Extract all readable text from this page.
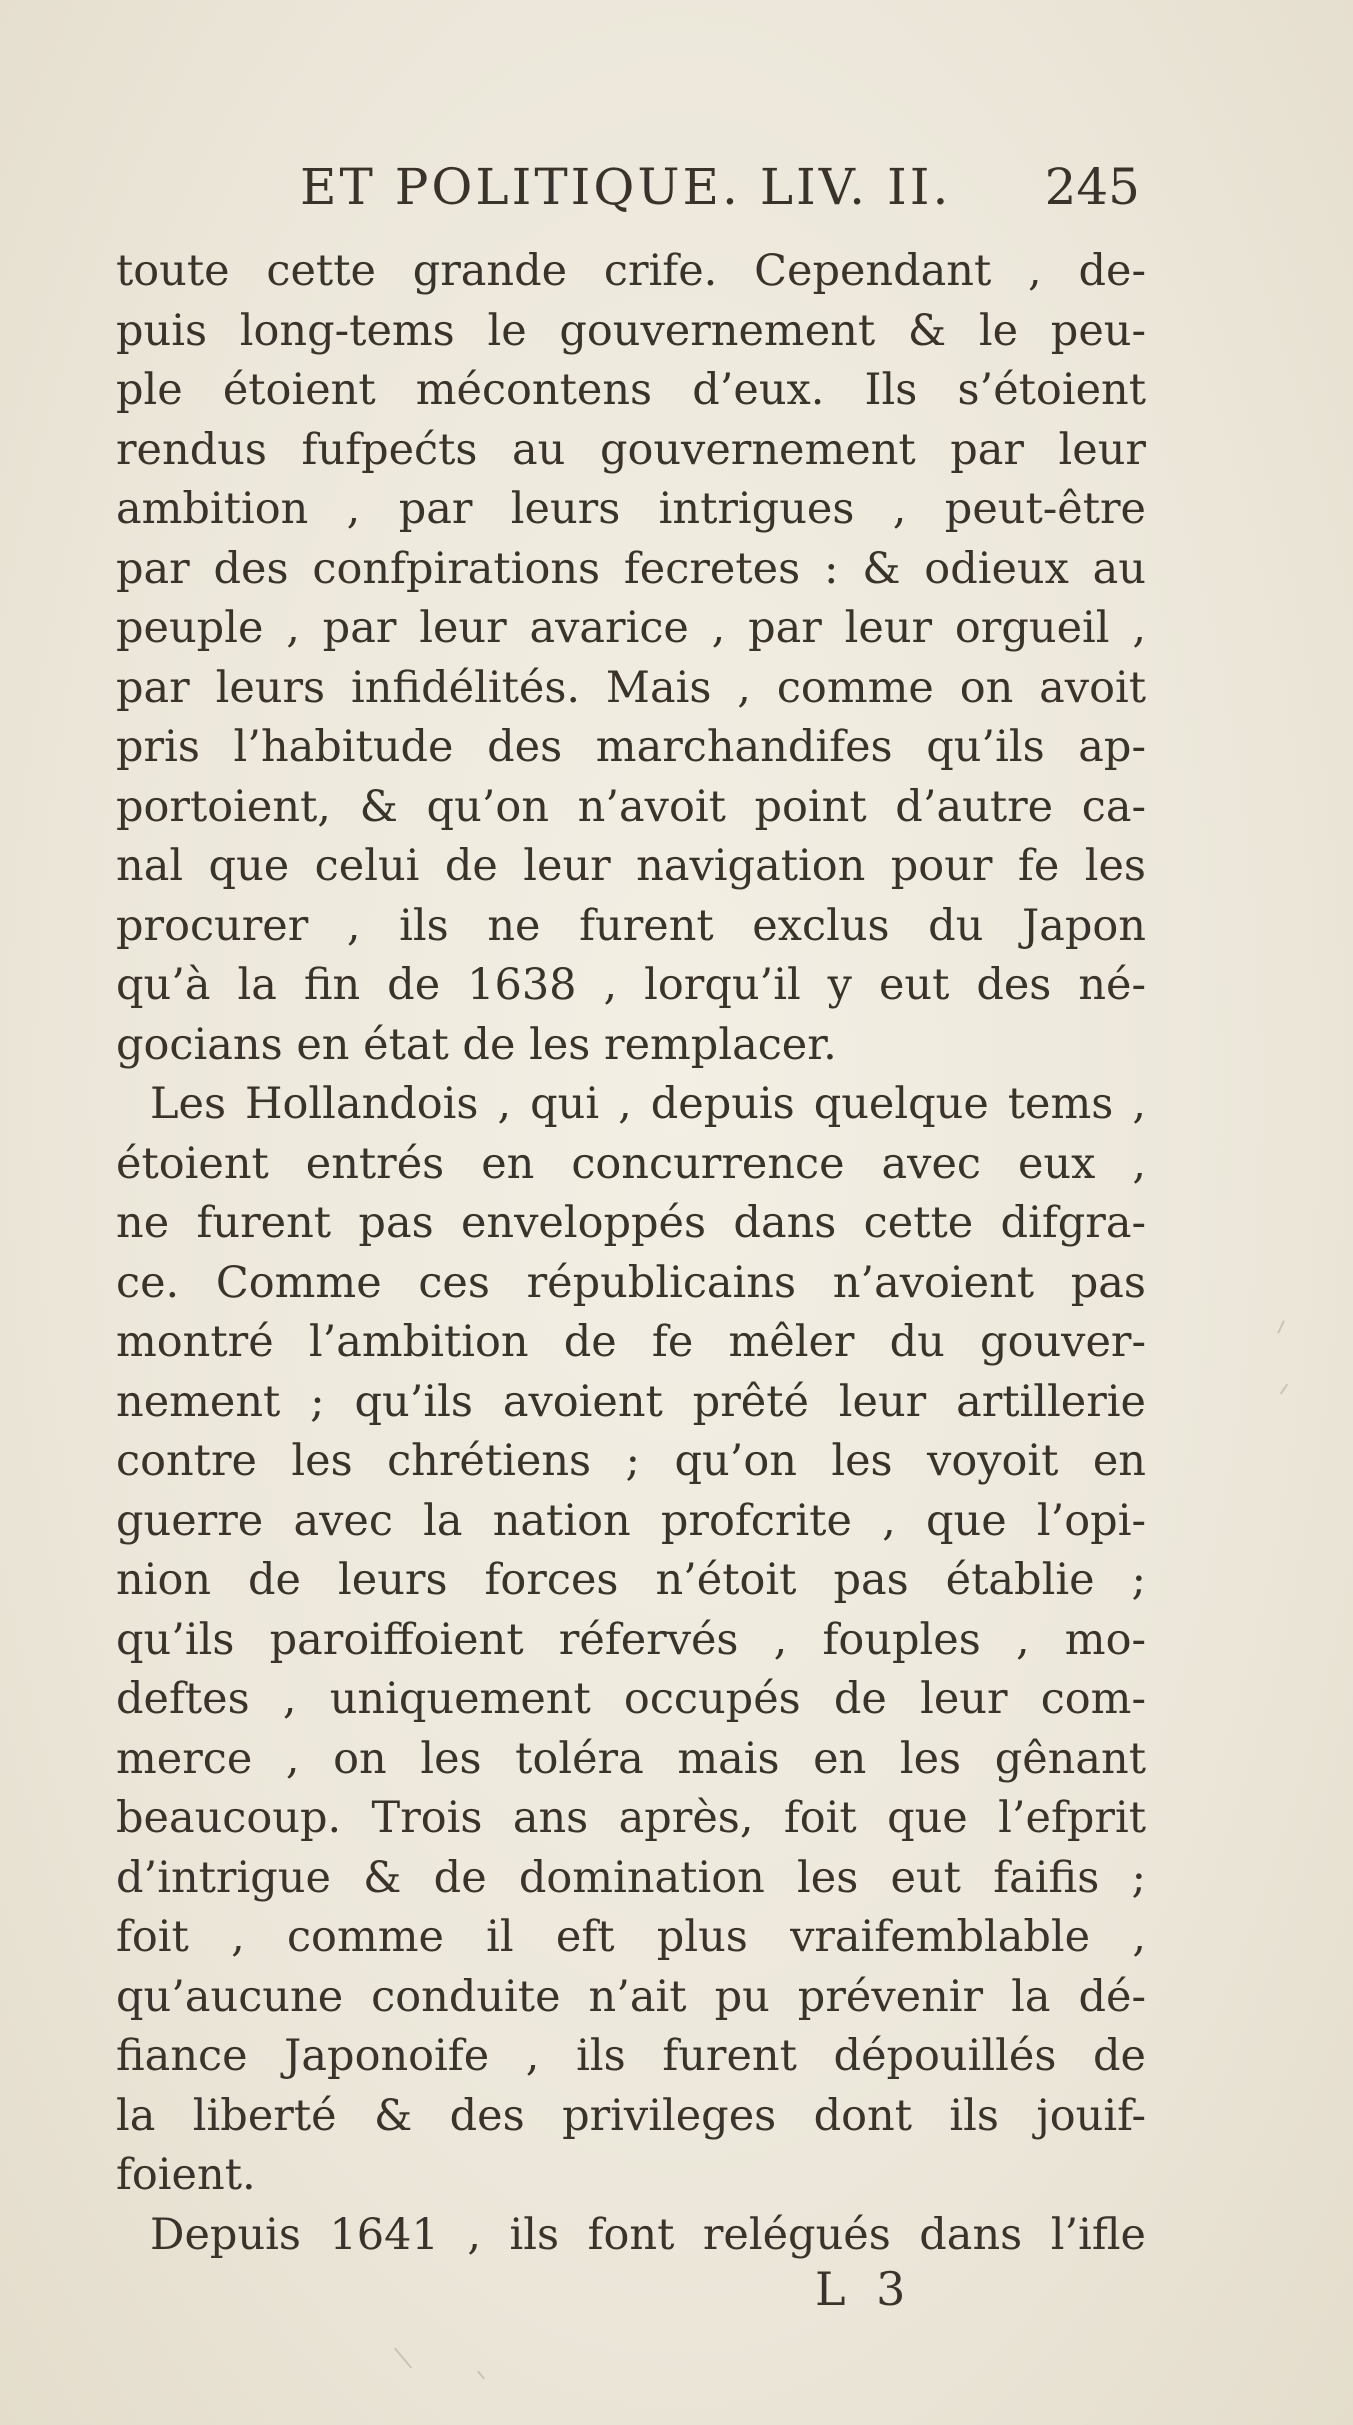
ET POLITIQUE. LIV. II. 245
toute cette grande crife. Cependant , de-
puis long-tems le gouvernement & le peu-
ple étoient mécontens d’eux. Ils s’étoient
rendus fufpećts au gouvernement par leur
ambition , par leurs intrigues , peut-être
par des confpirations fecretes : & odieux au
peuple , par leur avarice , par leur orgueil ,
par leurs infidélités. Mais , comme on avoit
pris l’habitude des marchandifes qu’ils ap-
portoient, & qu’on n’avoit point d’autre ca-
nal que celui de leur navigation pour fe les
procurer , ils ne furent exclus du Japon
qu’à la fin de 1638 , lorqu’il y eut des né-
gocians en état de les remplacer.
Les Hollandois , qui , depuis quelque tems ,
étoient entrés en concurrence avec eux ,
ne furent pas enveloppés dans cette difgra-
ce. Comme ces républicains n’avoient pas
montré l’ambition de fe mêler du gouver-
nement ; qu’ils avoient prêté leur artillerie
contre les chrétiens ; qu’on les voyoit en
guerre avec la nation profcrite , que l’opi-
nion de leurs forces n’étoit pas établie ;
qu’ils paroiffoient réfervés , fouples , mo-
deftes , uniquement occupés de leur com-
merce , on les toléra mais en les gênant
beaucoup. Trois ans après, foit que l’efprit
d’intrigue & de domination les eut faifis ;
foit , comme il eft plus vraifemblable ,
qu’aucune conduite n’ait pu prévenir la dé-
fiance Japonoife , ils furent dépouillés de
la liberté & des privileges dont ils jouif-
foient.
Depuis 1641 , ils font relégués dans l’ifle
L 3
